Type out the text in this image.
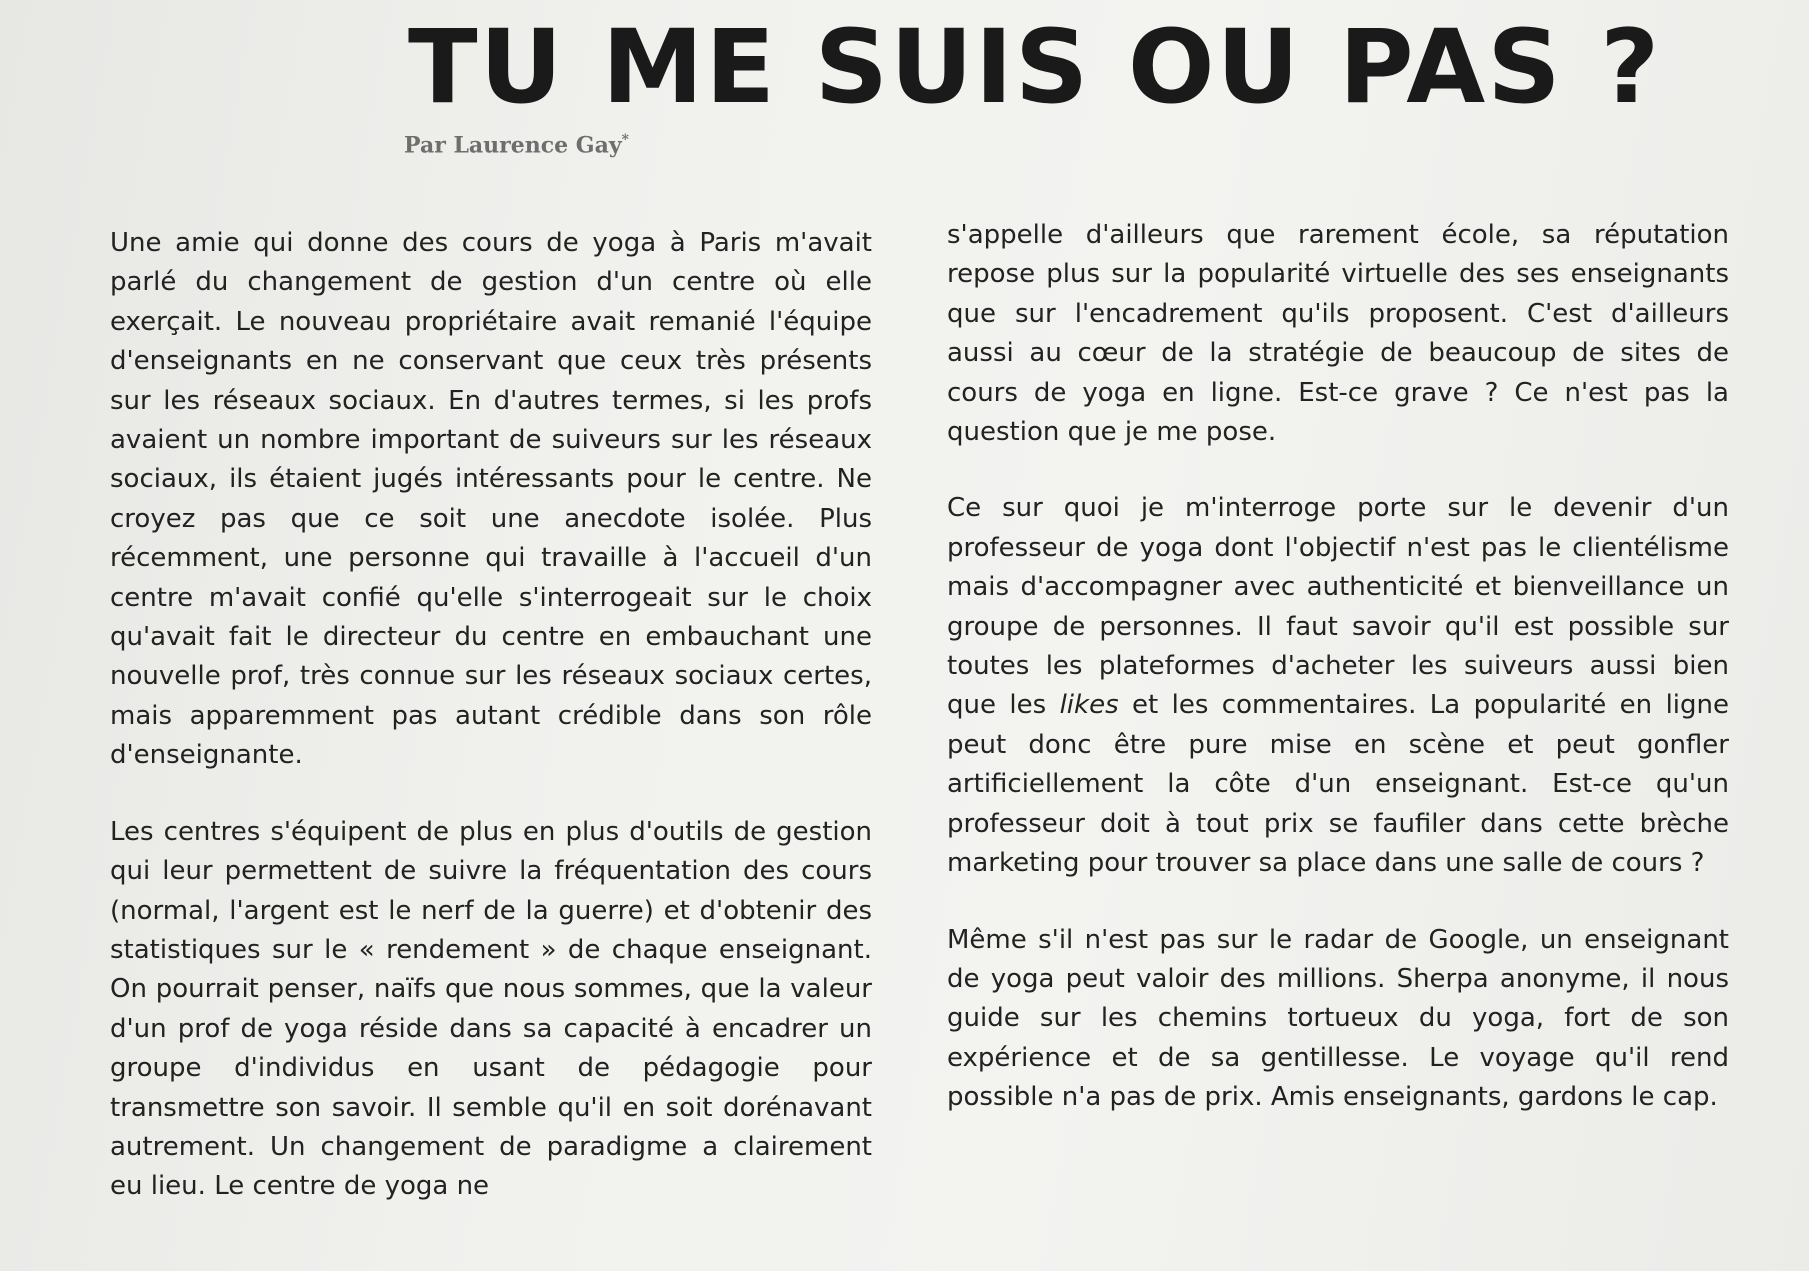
TU ME SUIS OU PAS ?
Par Laurence Gay*

Une amie qui donne des cours de yoga à Paris m'avait parlé du changement de gestion d'un centre où elle exerçait. Le nouveau propriétaire avait remanié l'équipe d'enseignants en ne conservant que ceux très présents sur les réseaux sociaux. En d'autres termes, si les profs avaient un nombre important de suiveurs sur les réseaux sociaux, ils étaient jugés intéressants pour le centre. Ne croyez pas que ce soit une anecdote isolée. Plus récemment, une personne qui travaille à l'accueil d'un centre m'avait confié qu'elle s'interrogeait sur le choix qu'avait fait le directeur du centre en embauchant une nouvelle prof, très connue sur les réseaux sociaux certes, mais apparemment pas autant crédible dans son rôle d'enseignante.

Les centres s'équipent de plus en plus d'outils de gestion qui leur permettent de suivre la fréquentation des cours (normal, l'argent est le nerf de la guerre) et d'obtenir des statistiques sur le « rendement » de chaque enseignant. On pourrait penser, naïfs que nous sommes, que la valeur d'un prof de yoga réside dans sa capacité à encadrer un groupe d'individus en usant de pédagogie pour transmettre son savoir. Il semble qu'il en soit dorénavant autrement. Un changement de paradigme a clairement eu lieu. Le centre de yoga ne

s'appelle d'ailleurs que rarement école, sa réputation repose plus sur la popularité virtuelle des ses enseignants que sur l'encadrement qu'ils proposent. C'est d'ailleurs aussi au cœur de la stratégie de beaucoup de sites de cours de yoga en ligne. Est-ce grave ? Ce n'est pas la question que je me pose.

Ce sur quoi je m'interroge porte sur le devenir d'un professeur de yoga dont l'objectif n'est pas le clientélisme mais d'accompagner avec authenticité et bienveillance un groupe de personnes. Il faut savoir qu'il est possible sur toutes les plateformes d'acheter les suiveurs aussi bien que les likes et les commentaires. La popularité en ligne peut donc être pure mise en scène et peut gonfler artificiellement la côte d'un enseignant. Est-ce qu'un professeur doit à tout prix se faufiler dans cette brèche marketing pour trouver sa place dans une salle de cours ?

Même s'il n'est pas sur le radar de Google, un enseignant de yoga peut valoir des millions. Sherpa anonyme, il nous guide sur les chemins tortueux du yoga, fort de son expérience et de sa gentillesse. Le voyage qu'il rend possible n'a pas de prix. Amis enseignants, gardons le cap.
